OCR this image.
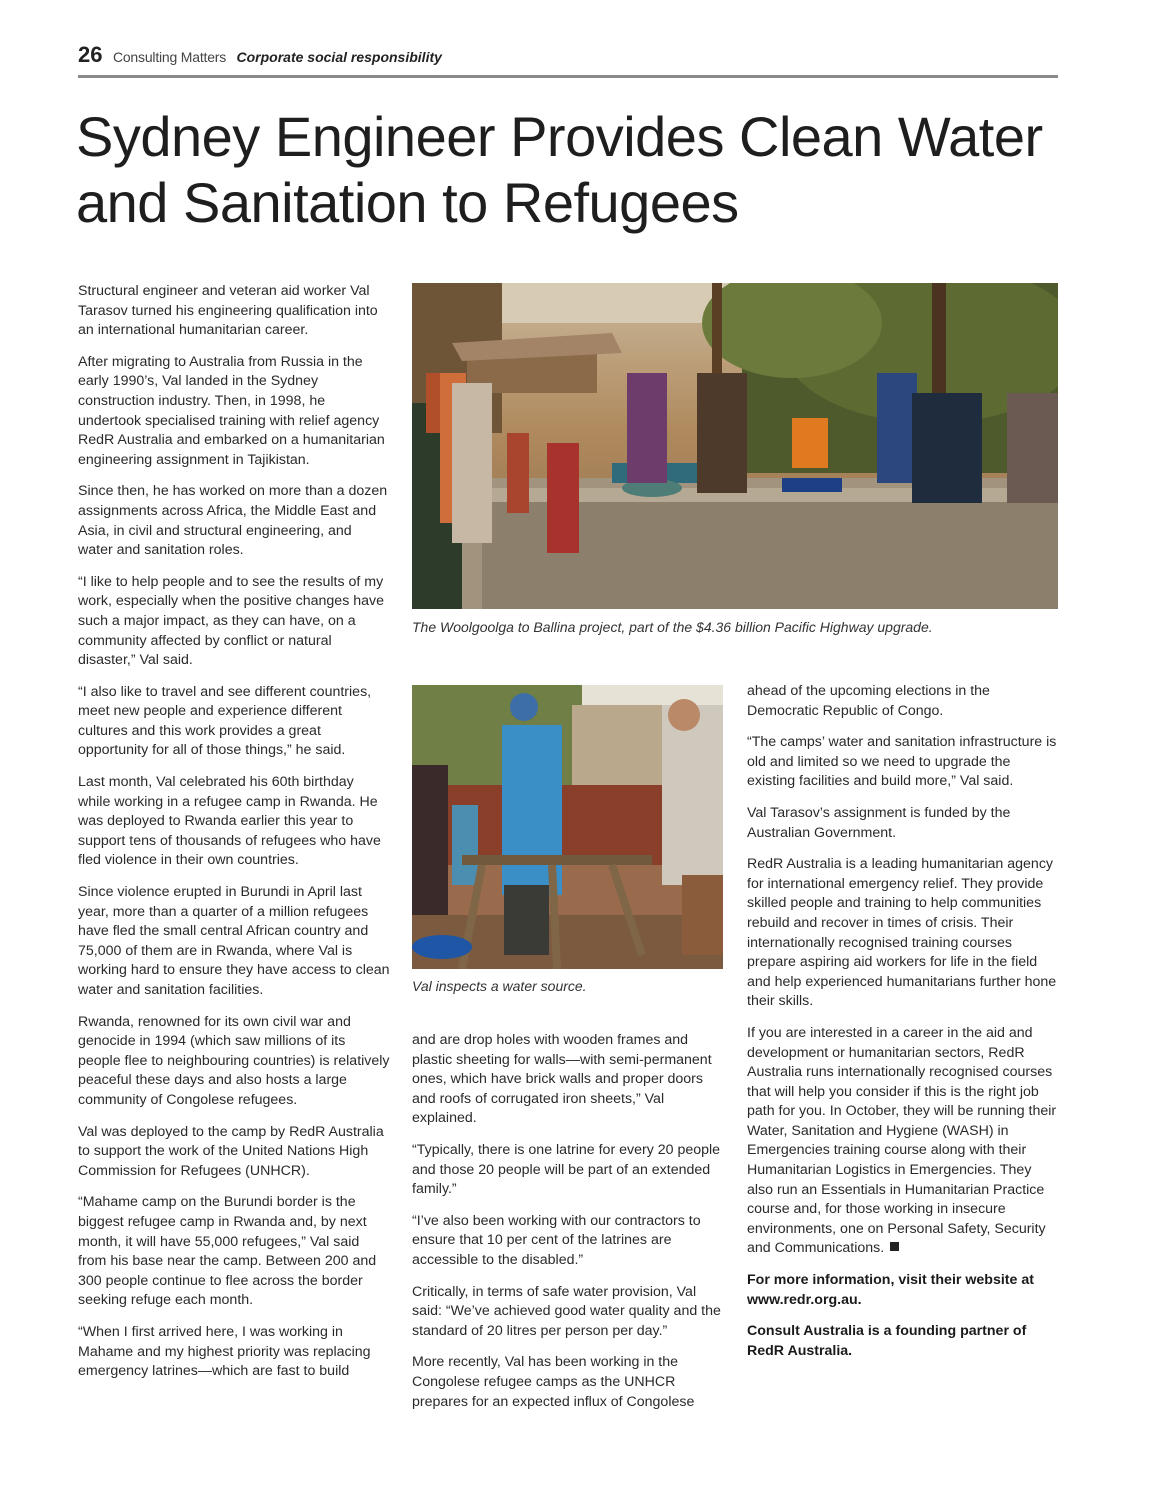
26 Consulting Matters Corporate social responsibility
Sydney Engineer Provides Clean Water and Sanitation to Refugees

Structural engineer and veteran aid worker Val Tarasov turned his engineering qualification into an international humanitarian career.

After migrating to Australia from Russia in the early 1990’s, Val landed in the Sydney construction industry. Then, in 1998, he undertook specialised training with relief agency RedR Australia and embarked on a humanitarian engineering assignment in Tajikistan.

Since then, he has worked on more than a dozen assignments across Africa, the Middle East and Asia, in civil and structural engineering, and water and sanitation roles.

“I like to help people and to see the results of my work, especially when the positive changes have such a major impact, as they can have, on a community affected by conflict or natural disaster,” Val said.

“I also like to travel and see different countries, meet new people and experience different cultures and this work provides a great opportunity for all of those things,” he said.

Last month, Val celebrated his 60th birthday while working in a refugee camp in Rwanda. He was deployed to Rwanda earlier this year to support tens of thousands of refugees who have fled violence in their own countries.

Since violence erupted in Burundi in April last year, more than a quarter of a million refugees have fled the small central African country and 75,000 of them are in Rwanda, where Val is working hard to ensure they have access to clean water and sanitation facilities.

Rwanda, renowned for its own civil war and genocide in 1994 (which saw millions of its people flee to neighbouring countries) is relatively peaceful these days and also hosts a large community of Congolese refugees.

Val was deployed to the camp by RedR Australia to support the work of the United Nations High Commission for Refugees (UNHCR).

“Mahame camp on the Burundi border is the biggest refugee camp in Rwanda and, by next month, it will have 55,000 refugees,” Val said from his base near the camp. Between 200 and 300 people continue to flee across the border seeking refuge each month.

“When I first arrived here, I was working in Mahame and my highest priority was replacing emergency latrines—which are fast to build

The Woolgoolga to Ballina project, part of the $4.36 billion Pacific Highway upgrade.
Val inspects a water source.

and are drop holes with wooden frames and plastic sheeting for walls—with semi-permanent ones, which have brick walls and proper doors and roofs of corrugated iron sheets,” Val explained.

“Typically, there is one latrine for every 20 people and those 20 people will be part of an extended family.”

“I’ve also been working with our contractors to ensure that 10 per cent of the latrines are accessible to the disabled.”

Critically, in terms of safe water provision, Val said: “We’ve achieved good water quality and the standard of 20 litres per person per day.”

More recently, Val has been working in the Congolese refugee camps as the UNHCR prepares for an expected influx of Congolese

ahead of the upcoming elections in the Democratic Republic of Congo.

“The camps’ water and sanitation infrastructure is old and limited so we need to upgrade the existing facilities and build more,” Val said.

Val Tarasov’s assignment is funded by the Australian Government.

RedR Australia is a leading humanitarian agency for international emergency relief. They provide skilled people and training to help communities rebuild and recover in times of crisis. Their internationally recognised training courses prepare aspiring aid workers for life in the field and help experienced humanitarians further hone their skills.

If you are interested in a career in the aid and development or humanitarian sectors, RedR Australia runs internationally recognised courses that will help you consider if this is the right job path for you. In October, they will be running their Water, Sanitation and Hygiene (WASH) in Emergencies training course along with their Humanitarian Logistics in Emergencies. They also run an Essentials in Humanitarian Practice course and, for those working in insecure environments, one on Personal Safety, Security and Communications.

For more information, visit their website at www.redr.org.au.

Consult Australia is a founding partner of RedR Australia.
